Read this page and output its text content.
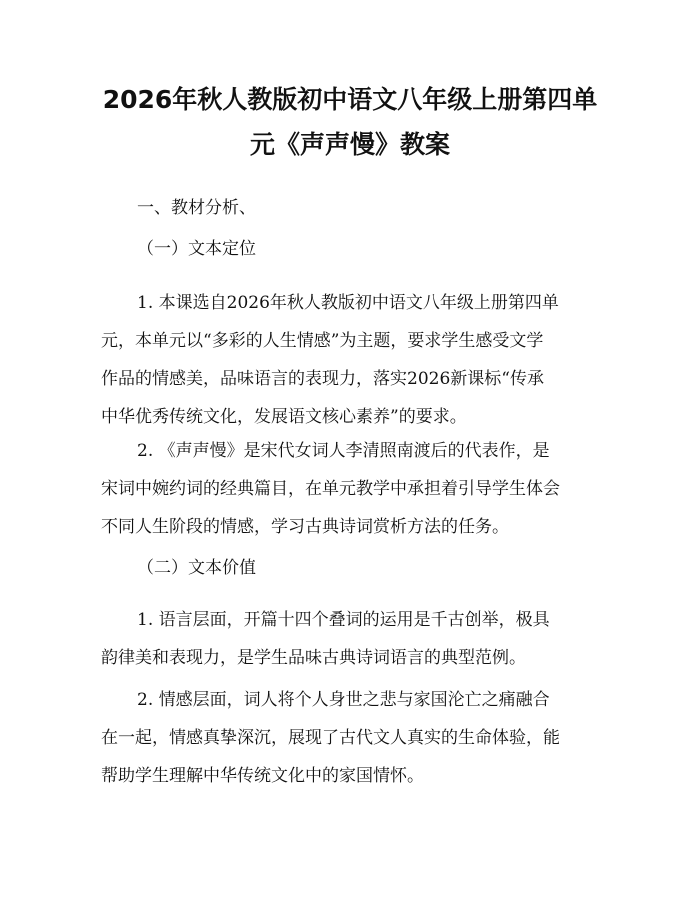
2026年秋人教版初中语文八年级上册第四单
元《声声慢》教案
一、教材分析、
（一）文本定位
1. 本课选自2026年秋人教版初中语文八年级上册第四单
元，本单元以“多彩的人生情感”为主题，要求学生感受文学
作品的情感美，品味语言的表现力，落实2026新课标“传承
中华优秀传统文化，发展语文核心素养”的要求。
2. 《声声慢》是宋代女词人李清照南渡后的代表作，是
宋词中婉约词的经典篇目，在单元教学中承担着引导学生体会
不同人生阶段的情感，学习古典诗词赏析方法的任务。
（二）文本价值
1. 语言层面，开篇十四个叠词的运用是千古创举，极具
韵律美和表现力，是学生品味古典诗词语言的典型范例。
2. 情感层面，词人将个人身世之悲与家国沦亡之痛融合
在一起，情感真挚深沉，展现了古代文人真实的生命体验，能
帮助学生理解中华传统文化中的家国情怀。
